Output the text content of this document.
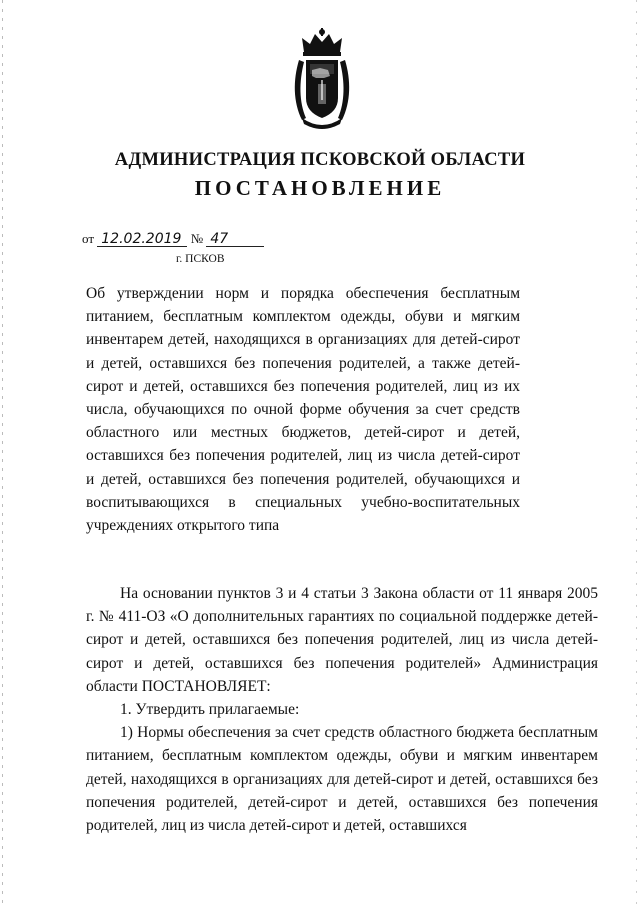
АДМИНИСТРАЦИЯ ПСКОВСКОЙ ОБЛАСТИ
ПОСТАНОВЛЕНИЕ
от 12.02.2019 № 47
г. ПСКОВ
Об утверждении норм и порядка обеспечения бесплатным питанием, бесплатным комплектом одежды, обуви и мягким инвентарем детей, находящихся в организациях для детей-сирот и детей, оставшихся без попечения родителей, а также детей-сирот и детей, оставшихся без попечения родителей, лиц из их числа, обучающихся по очной форме обучения за счет средств областного или местных бюджетов, детей-сирот и детей, оставшихся без попечения родителей, лиц из числа детей-сирот и детей, оставшихся без попечения родителей, обучающихся и воспитывающихся в специальных учебно-воспитательных учреждениях открытого типа

На основании пунктов 3 и 4 статьи 3 Закона области от 11 января 2005 г. № 411-ОЗ «О дополнительных гарантиях по социальной поддержке детей-сирот и детей, оставшихся без попечения родителей, лиц из числа детей-сирот и детей, оставшихся без попечения родителей» Администрация области ПОСТАНОВЛЯЕТ:

1. Утвердить прилагаемые:

1) Нормы обеспечения за счет средств областного бюджета бесплатным питанием, бесплатным комплектом одежды, обуви и мягким инвентарем детей, находящихся в организациях для детей-сирот и детей, оставшихся без попечения родителей, детей-сирот и детей, оставшихся без попечения родителей, лиц из числа детей-сирот и детей, оставшихся
